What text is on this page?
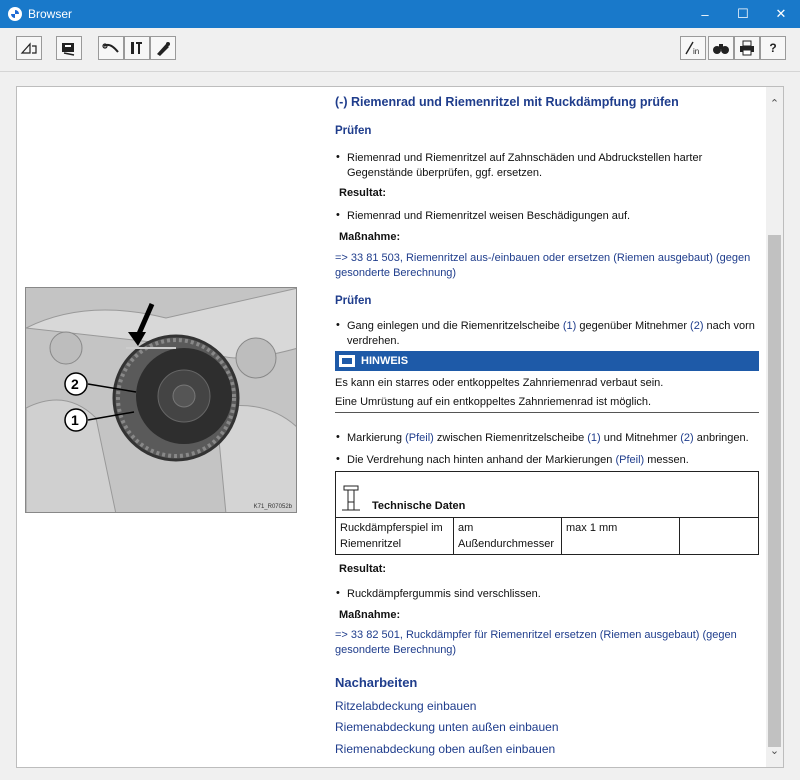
Browser	–	☐	✕
in	?
2
1
K71_R07052b
(-) Riemenrad und Riemenritzel mit Ruckdämpfung prüfen
Prüfen
• Riemenrad und Riemenritzel auf Zahnschäden und Abdruckstellen harter Gegenstände überprüfen, ggf. ersetzen.
Resultat:
• Riemenrad und Riemenritzel weisen Beschädigungen auf.
Maßnahme:
=> 33 81 503, Riemenritzel aus-/einbauen oder ersetzen (Riemen ausgebaut) (gegen gesonderte Berechnung)
Prüfen
• Gang einlegen und die Riemenritzelscheibe (1) gegenüber Mitnehmer (2) nach vorn verdrehen.
HINWEIS
Es kann ein starres oder entkoppeltes Zahnriemenrad verbaut sein.
Eine Umrüstung auf ein entkoppeltes Zahnriemenrad ist möglich.
• Markierung (Pfeil) zwischen Riemenritzelscheibe (1) und Mitnehmer (2) anbringen.
• Die Verdrehung nach hinten anhand der Markierungen (Pfeil) messen.
Technische Daten

Ruckdämpferspiel im Riemenritzel	am Außendurchmesser	max 1 mm	
Resultat:
• Ruckdämpfergummis sind verschlissen.
Maßnahme:
=> 33 82 501, Ruckdämpfer für Riemenritzel ersetzen (Riemen ausgebaut) (gegen gesonderte Berechnung)
Nacharbeiten
Ritzelabdeckung einbauen
Riemenabdeckung unten außen einbauen
Riemenabdeckung oben außen einbauen
⌃
⌄
